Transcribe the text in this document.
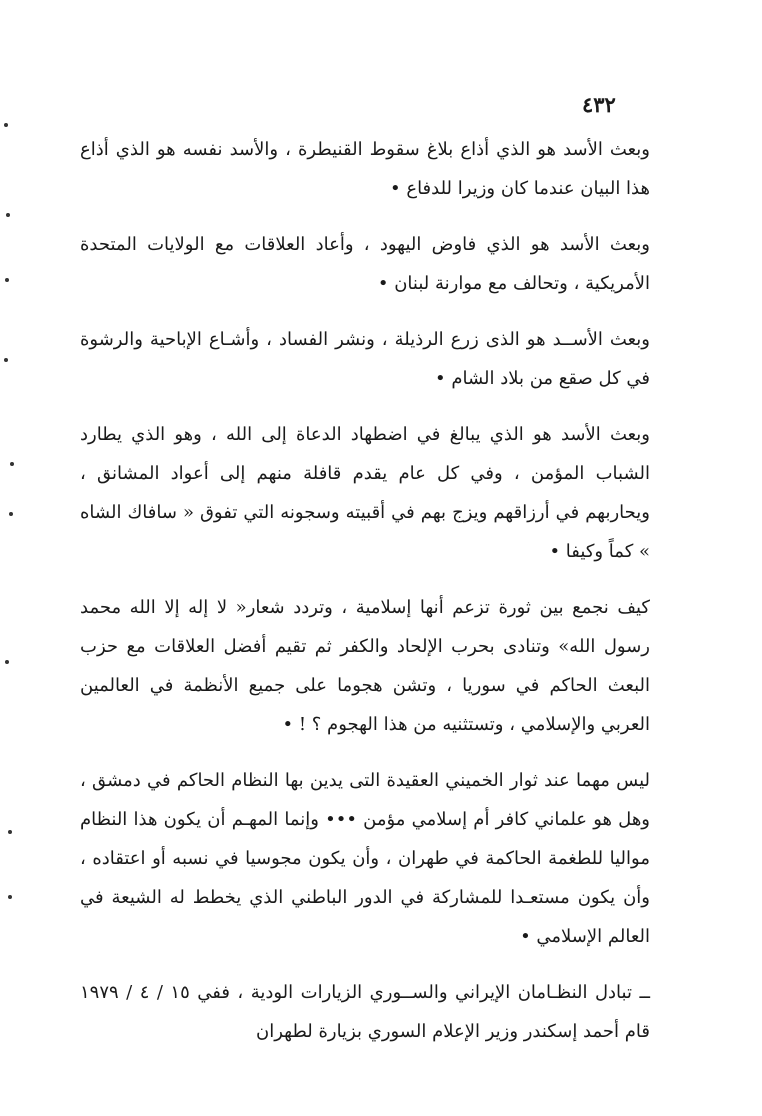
٤٣٢

وبعث الأسد هو الذي أذاع بلاغ سقوط القنيطرة ، والأسد نفسه هو الذي أذاع هذا البيان عندما كان وزيرا للدفاع •

وبعث الأسد هو الذي فاوض اليهود ، وأعاد العلاقات مع الولايات المتحدة الأمريكية ، وتحالف مع موارنة لبنان •

وبعث الأســد هو الذى زرع الرذيلة ، ونشر الفساد ، وأشـاع الإباحية والرشوة في كل صقع من بلاد الشام •

وبعث الأسد هو الذي يبالغ في اضطهاد الدعاة إلى الله ، وهو الذي يطارد الشباب المؤمن ، وفي كل عام يقدم قافلة منهم إلى أعواد المشانق ، ويحاربهم في أرزاقهم ويزج بهم في أقبيته وسجونه التي تفوق « سافاك الشاه » كماً وكيفا •

كيف نجمع بين ثورة تزعم أنها إسلامية ، وتردد شعار« لا إله إلا الله محمد رسول الله» وتنادى بحرب الإلحاد والكفر ثم تقيم أفضل العلاقات مع حزب البعث الحاكم في سوريا ، وتشن هجوما على جميع الأنظمة في العالمين العربي والإسلامي ، وتستثنيه من هذا الهجوم ؟ ! •

ليس مهما عند ثوار الخميني العقيدة التى يدين بها النظام الحاكم في دمشق ، وهل هو علماني كافر أم إسلامي مؤمن ••• وإنما المهـم أن يكون هذا النظام مواليا للطغمة الحاكمة في طهران ، وأن يكون مجوسيا في نسبه أو اعتقاده ، وأن يكون مستعـدا للمشاركة في الدور الباطني الذي يخطط له الشيعة في العالم الإسلامي •

ــ تبادل النظـامان الإيراني والســوري الزيارات الودية ، ففي ١٥ / ٤ / ١٩٧٩ قام أحمد إسكندر وزير الإعلام السوري بزيارة لطهران
